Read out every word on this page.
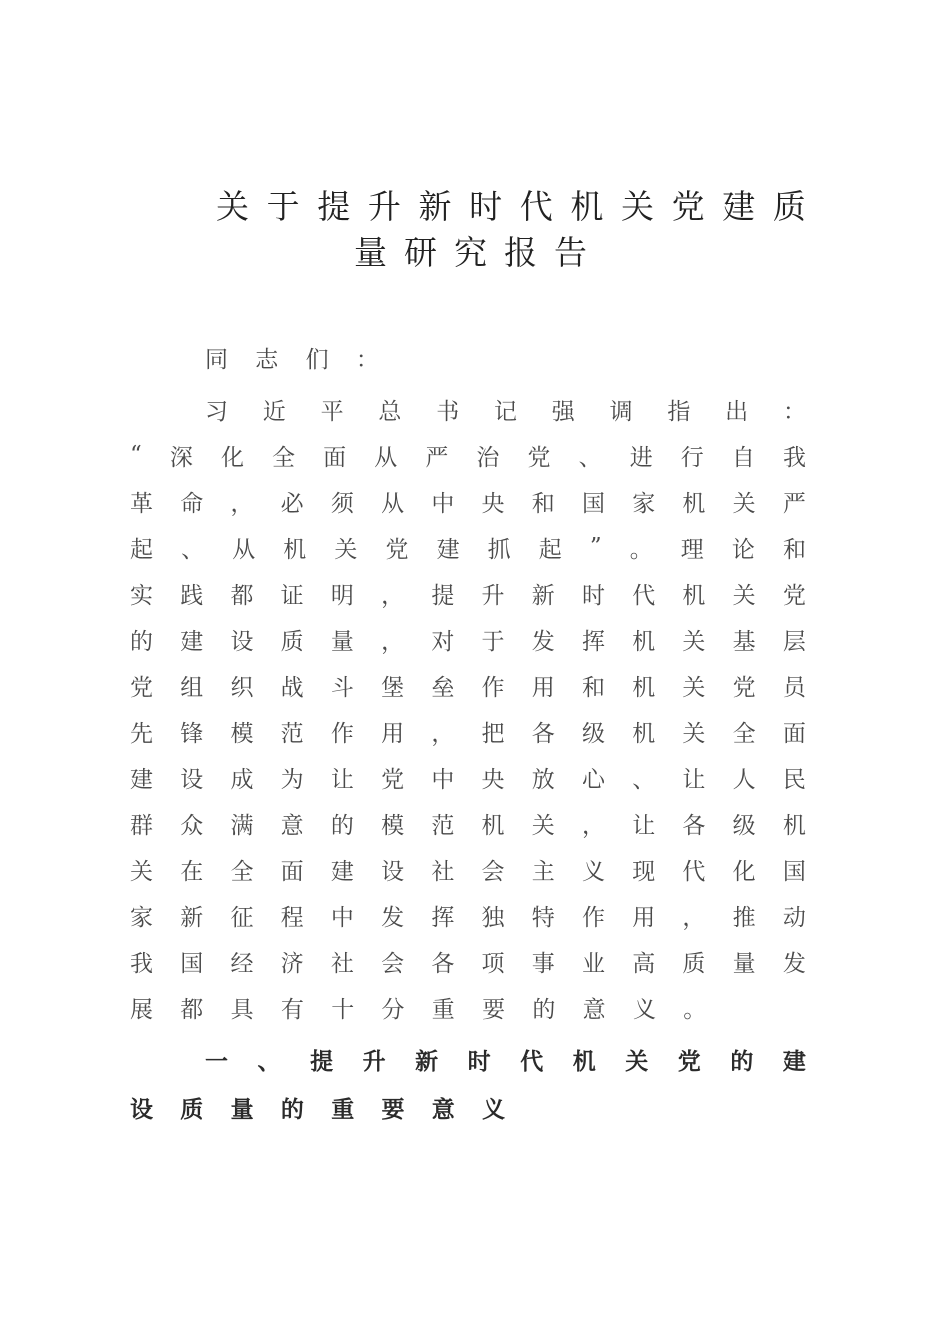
关 于 提 升 新 时 代 机 关 党 建 质
量研究报告
同	志	们	：
习 近 平 总 书 记 强 调 指 出 ：
“ 深 化 全 面 从 严 治 党 、 进 行 自 我
革 命 ， 必 须 从 中 央 和 国 家 机 关 严
起 、 从 机 关 党 建 抓 起 ” 。 理 论 和
实 践 都 证 明 ， 提 升 新 时 代 机 关 党
的 建 设 质 量 ， 对 于 发 挥 机 关 基 层
党 组 织 战 斗 堡 垒 作 用 和 机 关 党 员
先 锋 模 范 作 用 ， 把 各 级 机 关 全 面
建 设 成 为 让 党 中 央 放 心 、 让 人 民
群 众 满 意 的 模 范 机 关 ， 让 各 级 机
关 在 全 面 建 设 社 会 主 义 现 代 化 国
家 新 征 程 中 发 挥 独 特 作 用 ， 推 动
我 国 经 济 社 会 各 项 事 业 高 质 量 发
展	都	具	有	十	分	重	要	的	意	义	。
一 、 提 升 新 时 代 机 关 党 的 建
设	质	量	的	重	要	意	义
